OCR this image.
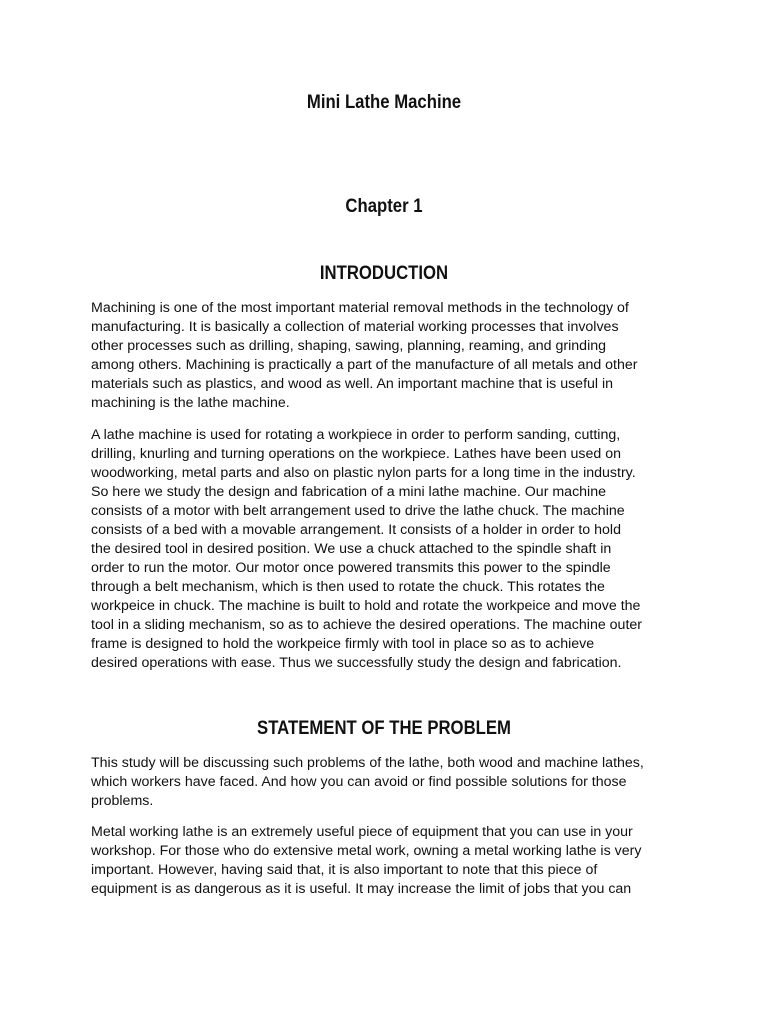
Mini Lathe Machine
Chapter 1
INTRODUCTION

Machining is one of the most important material removal methods in the technology of
manufacturing. It is basically a collection of material working processes that involves
other processes such as drilling, shaping, sawing, planning, reaming, and grinding
among others. Machining is practically a part of the manufacture of all metals and other
materials such as plastics, and wood as well. An important machine that is useful in
machining is the lathe machine.

A lathe machine is used for rotating a workpiece in order to perform sanding, cutting,
drilling, knurling and turning operations on the workpiece. Lathes have been used on
woodworking, metal parts and also on plastic nylon parts for a long time in the industry.
So here we study the design and fabrication of a mini lathe machine. Our machine
consists of a motor with belt arrangement used to drive the lathe chuck. The machine
consists of a bed with a movable arrangement. It consists of a holder in order to hold
the desired tool in desired position. We use a chuck attached to the spindle shaft in
order to run the motor. Our motor once powered transmits this power to the spindle
through a belt mechanism, which is then used to rotate the chuck. This rotates the
workpeice in chuck. The machine is built to hold and rotate the workpeice and move the
tool in a sliding mechanism, so as to achieve the desired operations. The machine outer
frame is designed to hold the workpeice firmly with tool in place so as to achieve
desired operations with ease. Thus we successfully study the design and fabrication.

STATEMENT OF THE PROBLEM

This study will be discussing such problems of the lathe, both wood and machine lathes,
which workers have faced. And how you can avoid or find possible solutions for those
problems.

Metal working lathe is an extremely useful piece of equipment that you can use in your
workshop. For those who do extensive metal work, owning a metal working lathe is very
important. However, having said that, it is also important to note that this piece of
equipment is as dangerous as it is useful. It may increase the limit of jobs that you can
